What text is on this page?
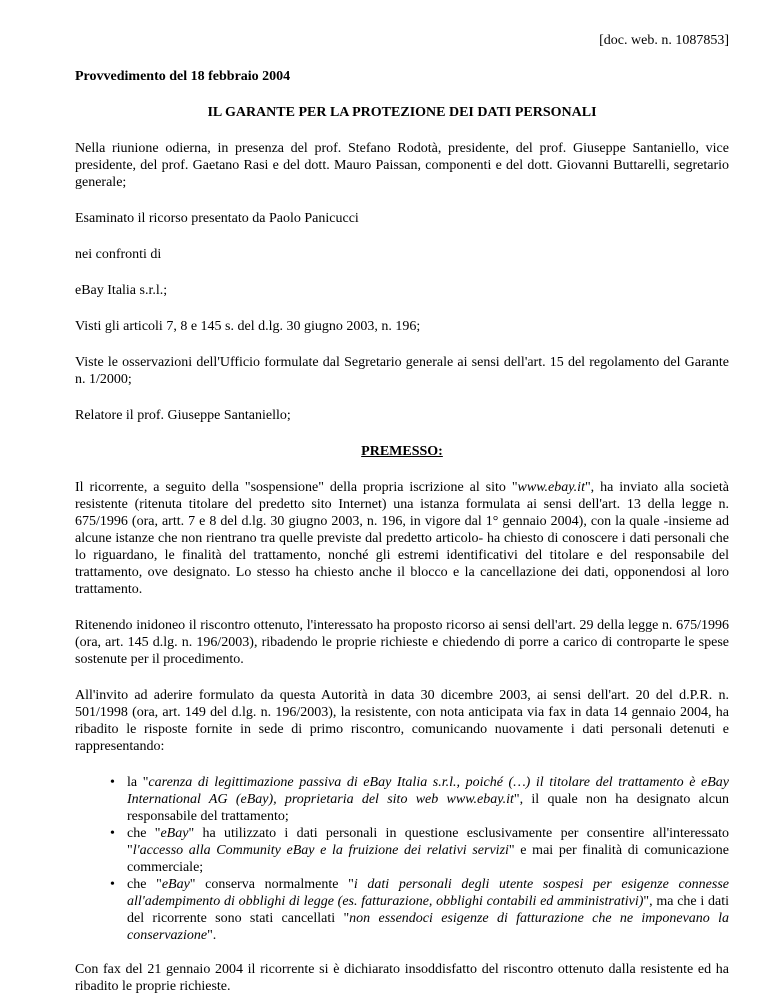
[doc. web. n. 1087853]

Provvedimento del 18 febbraio 2004

IL GARANTE PER LA PROTEZIONE DEI DATI PERSONALI

Nella riunione odierna, in presenza del prof. Stefano Rodotà, presidente, del prof. Giuseppe Santaniello, vice presidente, del prof. Gaetano Rasi e del dott. Mauro Paissan, componenti e del dott. Giovanni Buttarelli, segretario generale;

Esaminato il ricorso presentato da Paolo Panicucci

nei confronti di

eBay Italia s.r.l.;

Visti gli articoli 7, 8 e 145 s. del d.lg. 30 giugno 2003, n. 196;

Viste le osservazioni dell'Ufficio formulate dal Segretario generale ai sensi dell'art. 15 del regolamento del Garante n. 1/2000;

Relatore il prof. Giuseppe Santaniello;

PREMESSO:

Il ricorrente, a seguito della "sospensione" della propria iscrizione al sito "www.ebay.it", ha inviato alla società resistente (ritenuta titolare del predetto sito Internet) una istanza formulata ai sensi dell'art. 13 della legge n. 675/1996 (ora, artt. 7 e 8 del d.lg. 30 giugno 2003, n. 196, in vigore dal 1° gennaio 2004), con la quale -insieme ad alcune istanze che non rientrano tra quelle previste dal predetto articolo- ha chiesto di conoscere i dati personali che lo riguardano, le finalità del trattamento, nonché gli estremi identificativi del titolare e del responsabile del trattamento, ove designato. Lo stesso ha chiesto anche il blocco e la cancellazione dei dati, opponendosi al loro trattamento.

Ritenendo inidoneo il riscontro ottenuto, l'interessato ha proposto ricorso ai sensi dell'art. 29 della legge n. 675/1996 (ora, art. 145 d.lg. n. 196/2003), ribadendo le proprie richieste e chiedendo di porre a carico di controparte le spese sostenute per il procedimento.

All'invito ad aderire formulato da questa Autorità in data 30 dicembre 2003, ai sensi dell'art. 20 del d.P.R. n. 501/1998 (ora, art. 149 del d.lg. n. 196/2003), la resistente, con nota anticipata via fax in data 14 gennaio 2004, ha ribadito le risposte fornite in sede di primo riscontro, comunicando nuovamente i dati personali detenuti e rappresentando:

• la "carenza di legittimazione passiva di eBay Italia s.r.l., poiché (…) il titolare del trattamento è eBay International AG (eBay), proprietaria del sito web www.ebay.it", il quale non ha designato alcun responsabile del trattamento;
• che "eBay" ha utilizzato i dati personali in questione esclusivamente per consentire all'interessato "l'accesso alla Community eBay e la fruizione dei relativi servizi" e mai per finalità di comunicazione commerciale;
• che "eBay" conserva normalmente "i dati personali degli utente sospesi per esigenze connesse all'adempimento di obblighi di legge (es. fatturazione, obblighi contabili ed amministrativi)", ma che i dati del ricorrente sono stati cancellati "non essendoci esigenze di fatturazione che ne imponevano la conservazione".

Con fax del 21 gennaio 2004 il ricorrente si è dichiarato insoddisfatto del riscontro ottenuto dalla resistente ed ha ribadito le proprie richieste.
